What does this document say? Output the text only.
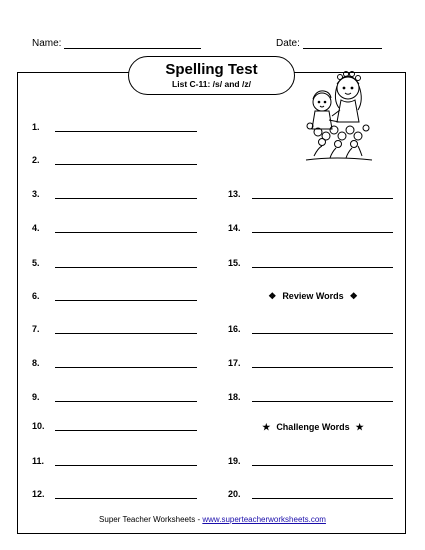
Name:	Date:
Spelling Test
List C-11: /s/ and /z/
1.
2.
3.
4.
5.
6.
7.
8.
9.
10.
11.
12.
13.
14.
15.
16.
17.
18.
19.
20.
❖ Review Words ❖
★ Challenge Words ★
Super Teacher Worksheets - www.superteacherworksheets.com
